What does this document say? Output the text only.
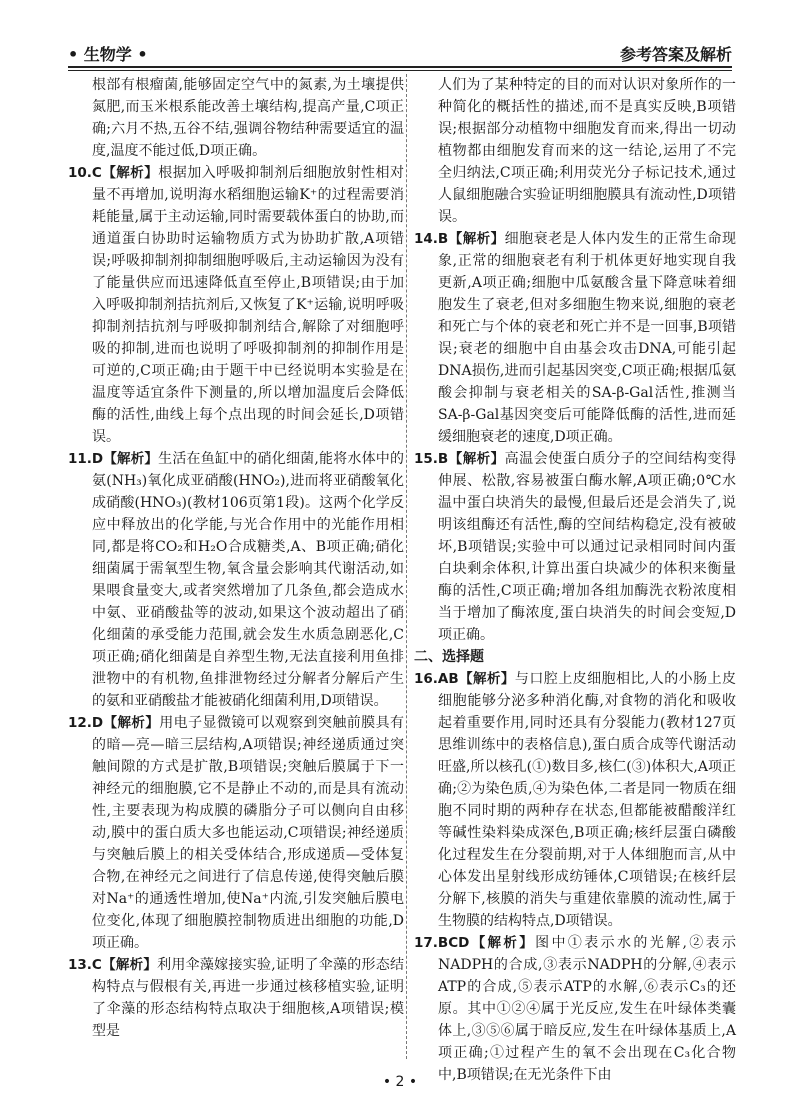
• 生物学 •	参考答案及解析

根部有根瘤菌,能够固定空气中的氮素,为土壤提供氮肥,而玉米根系能改善土壤结构,提高产量,C项正确;六月不热,五谷不结,强调谷物结种需要适宜的温度,温度不能过低,D项正确。

10.C【解析】根据加入呼吸抑制剂后细胞放射性相对量不再增加,说明海水稻细胞运输K⁺的过程需要消耗能量,属于主动运输,同时需要载体蛋白的协助,而通道蛋白协助时运输物质方式为协助扩散,A项错误;呼吸抑制剂抑制细胞呼吸后,主动运输因为没有了能量供应而迅速降低直至停止,B项错误;由于加入呼吸抑制剂拮抗剂后,又恢复了K⁺运输,说明呼吸抑制剂拮抗剂与呼吸抑制剂结合,解除了对细胞呼吸的抑制,进而也说明了呼吸抑制剂的抑制作用是可逆的,C项正确;由于题干中已经说明本实验是在温度等适宜条件下测量的,所以增加温度后会降低酶的活性,曲线上每个点出现的时间会延长,D项错误。

11.D【解析】生活在鱼缸中的硝化细菌,能将水体中的氨(NH₃)氧化成亚硝酸(HNO₂),进而将亚硝酸氧化成硝酸(HNO₃)(教材106页第1段)。这两个化学反应中释放出的化学能,与光合作用中的光能作用相同,都是将CO₂和H₂O合成糖类,A、B项正确;硝化细菌属于需氧型生物,氧含量会影响其代谢活动,如果喂食量变大,或者突然增加了几条鱼,都会造成水中氨、亚硝酸盐等的波动,如果这个波动超出了硝化细菌的承受能力范围,就会发生水质急剧恶化,C项正确;硝化细菌是自养型生物,无法直接利用鱼排泄物中的有机物,鱼排泄物经过分解者分解后产生的氨和亚硝酸盐才能被硝化细菌利用,D项错误。

12.D【解析】用电子显微镜可以观察到突触前膜具有的暗—亮—暗三层结构,A项错误;神经递质通过突触间隙的方式是扩散,B项错误;突触后膜属于下一神经元的细胞膜,它不是静止不动的,而是具有流动性,主要表现为构成膜的磷脂分子可以侧向自由移动,膜中的蛋白质大多也能运动,C项错误;神经递质与突触后膜上的相关受体结合,形成递质—受体复合物,在神经元之间进行了信息传递,使得突触后膜对Na⁺的通透性增加,使Na⁺内流,引发突触后膜电位变化,体现了细胞膜控制物质进出细胞的功能,D项正确。

13.C【解析】利用伞藻嫁接实验,证明了伞藻的形态结构特点与假根有关,再进一步通过核移植实验,证明了伞藻的形态结构特点取决于细胞核,A项错误;模型是

人们为了某种特定的目的而对认识对象所作的一种简化的概括性的描述,而不是真实反映,B项错误;根据部分动植物中细胞发育而来,得出一切动植物都由细胞发育而来的这一结论,运用了不完全归纳法,C项正确;利用荧光分子标记技术,通过人鼠细胞融合实验证明细胞膜具有流动性,D项错误。

14.B【解析】细胞衰老是人体内发生的正常生命现象,正常的细胞衰老有利于机体更好地实现自我更新,A项正确;细胞中瓜氨酸含量下降意味着细胞发生了衰老,但对多细胞生物来说,细胞的衰老和死亡与个体的衰老和死亡并不是一回事,B项错误;衰老的细胞中自由基会攻击DNA,可能引起DNA损伤,进而引起基因突变,C项正确;根据瓜氨酸会抑制与衰老相关的SA-β-Gal活性,推测当SA-β-Gal基因突变后可能降低酶的活性,进而延缓细胞衰老的速度,D项正确。

15.B【解析】高温会使蛋白质分子的空间结构变得伸展、松散,容易被蛋白酶水解,A项正确;0℃水温中蛋白块消失的最慢,但最后还是会消失了,说明该组酶还有活性,酶的空间结构稳定,没有被破坏,B项错误;实验中可以通过记录相同时间内蛋白块剩余体积,计算出蛋白块减少的体积来衡量酶的活性,C项正确;增加各组加酶洗衣粉浓度相当于增加了酶浓度,蛋白块消失的时间会变短,D项正确。

二、选择题

16.AB【解析】与口腔上皮细胞相比,人的小肠上皮细胞能够分泌多种消化酶,对食物的消化和吸收起着重要作用,同时还具有分裂能力(教材127页思维训练中的表格信息),蛋白质合成等代谢活动旺盛,所以核孔(①)数目多,核仁(③)体积大,A项正确;②为染色质,④为染色体,二者是同一物质在细胞不同时期的两种存在状态,但都能被醋酸洋红等碱性染料染成深色,B项正确;核纤层蛋白磷酸化过程发生在分裂前期,对于人体细胞而言,从中心体发出星射线形成纺锤体,C项错误;在核纤层分解下,核膜的消失与重建依靠膜的流动性,属于生物膜的结构特点,D项错误。

17.BCD【解析】图中①表示水的光解,②表示NADPH的合成,③表示NADPH的分解,④表示ATP的合成,⑤表示ATP的水解,⑥表示C₃的还原。其中①②④属于光反应,发生在叶绿体类囊体上,③⑤⑥属于暗反应,发生在叶绿体基质上,A项正确;①过程产生的氧不会出现在C₃化合物中,B项错误;在无光条件下由

• 2 •
